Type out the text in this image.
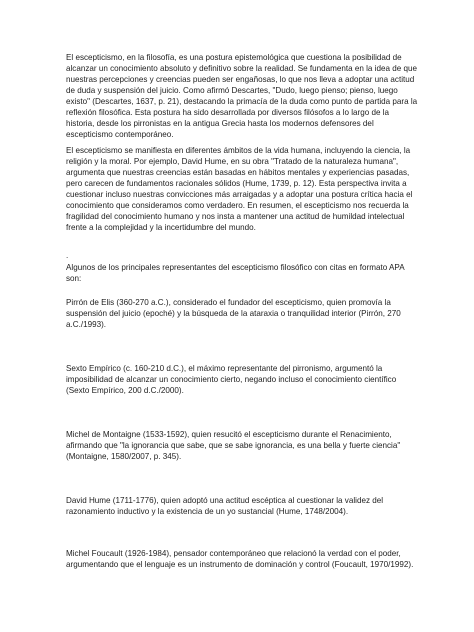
El escepticismo, en la filosofía, es una postura epistemológica que cuestiona la posibilidad de alcanzar un conocimiento absoluto y definitivo sobre la realidad. Se fundamenta en la idea de que nuestras percepciones y creencias pueden ser engañosas, lo que nos lleva a adoptar una actitud de duda y suspensión del juicio. Como afirmó Descartes, "Dudo, luego pienso; pienso, luego existo" (Descartes, 1637, p. 21), destacando la primacía de la duda como punto de partida para la reflexión filosófica. Esta postura ha sido desarrollada por diversos filósofos a lo largo de la historia, desde los pirronistas en la antigua Grecia hasta los modernos defensores del escepticismo contemporáneo.

El escepticismo se manifiesta en diferentes ámbitos de la vida humana, incluyendo la ciencia, la religión y la moral. Por ejemplo, David Hume, en su obra "Tratado de la naturaleza humana", argumenta que nuestras creencias están basadas en hábitos mentales y experiencias pasadas, pero carecen de fundamentos racionales sólidos (Hume, 1739, p. 12). Esta perspectiva invita a cuestionar incluso nuestras convicciones más arraigadas y a adoptar una postura crítica hacia el conocimiento que consideramos como verdadero. En resumen, el escepticismo nos recuerda la fragilidad del conocimiento humano y nos insta a mantener una actitud de humildad intelectual frente a la complejidad y la incertidumbre del mundo.

.

Algunos de los principales representantes del escepticismo filosófico con citas en formato APA son:

Pirrón de Elis (360-270 a.C.), considerado el fundador del escepticismo, quien promovía la suspensión del juicio (epoché) y la búsqueda de la ataraxia o tranquilidad interior (Pirrón, 270 a.C./1993).

Sexto Empírico (c. 160-210 d.C.), el máximo representante del pirronismo, argumentó la imposibilidad de alcanzar un conocimiento cierto, negando incluso el conocimiento científico (Sexto Empírico, 200 d.C./2000).

Michel de Montaigne (1533-1592), quien resucitó el escepticismo durante el Renacimiento, afirmando que "la ignorancia que sabe, que se sabe ignorancia, es una bella y fuerte ciencia" (Montaigne, 1580/2007, p. 345).

David Hume (1711-1776), quien adoptó una actitud escéptica al cuestionar la validez del razonamiento inductivo y la existencia de un yo sustancial (Hume, 1748/2004).

Michel Foucault (1926-1984), pensador contemporáneo que relacionó la verdad con el poder, argumentando que el lenguaje es un instrumento de dominación y control (Foucault, 1970/1992).
